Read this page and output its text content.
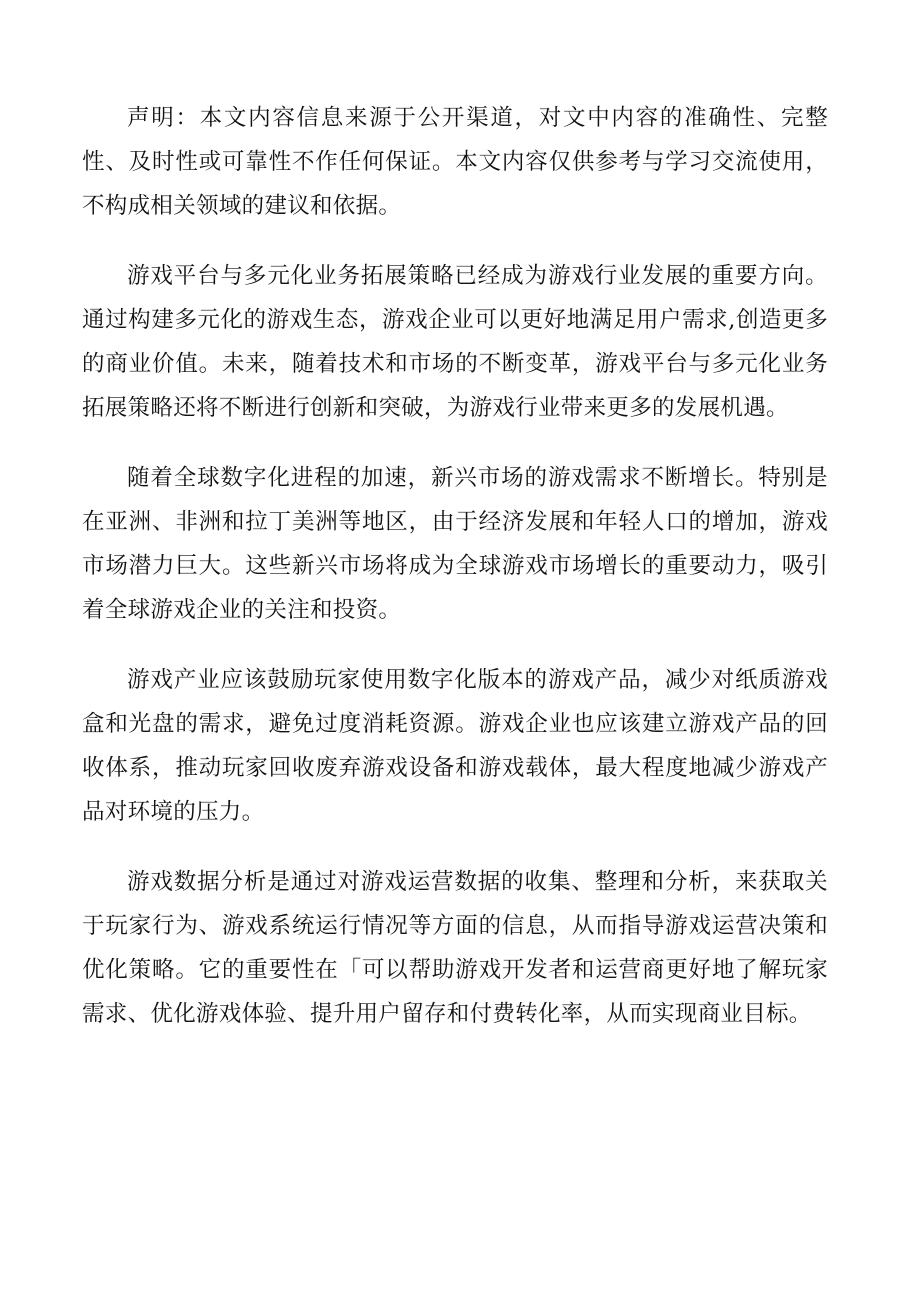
声明：本文内容信息来源于公开渠道，对文中内容的准确性、完整性、及时性或可靠性不作任何保证。本文内容仅供参考与学习交流使用，不构成相关领域的建议和依据。

游戏平台与多元化业务拓展策略已经成为游戏行业发展的重要方向。通过构建多元化的游戏生态，游戏企业可以更好地满足用户需求,创造更多的商业价值。未来，随着技术和市场的不断变革，游戏平台与多元化业务拓展策略还将不断进行创新和突破，为游戏行业带来更多的发展机遇。

随着全球数字化进程的加速，新兴市场的游戏需求不断增长。特别是在亚洲、非洲和拉丁美洲等地区，由于经济发展和年轻人口的增加，游戏市场潜力巨大。这些新兴市场将成为全球游戏市场增长的重要动力，吸引着全球游戏企业的关注和投资。

游戏产业应该鼓励玩家使用数字化版本的游戏产品，减少对纸质游戏盒和光盘的需求，避免过度消耗资源。游戏企业也应该建立游戏产品的回收体系，推动玩家回收废弃游戏设备和游戏载体，最大程度地减少游戏产品对环境的压力。

游戏数据分析是通过对游戏运营数据的收集、整理和分析，来获取关于玩家行为、游戏系统运行情况等方面的信息，从而指导游戏运营决策和优化策略。它的重要性在「可以帮助游戏开发者和运营商更好地了解玩家需求、优化游戏体验、提升用户留存和付费转化率，从而实现商业目标。
